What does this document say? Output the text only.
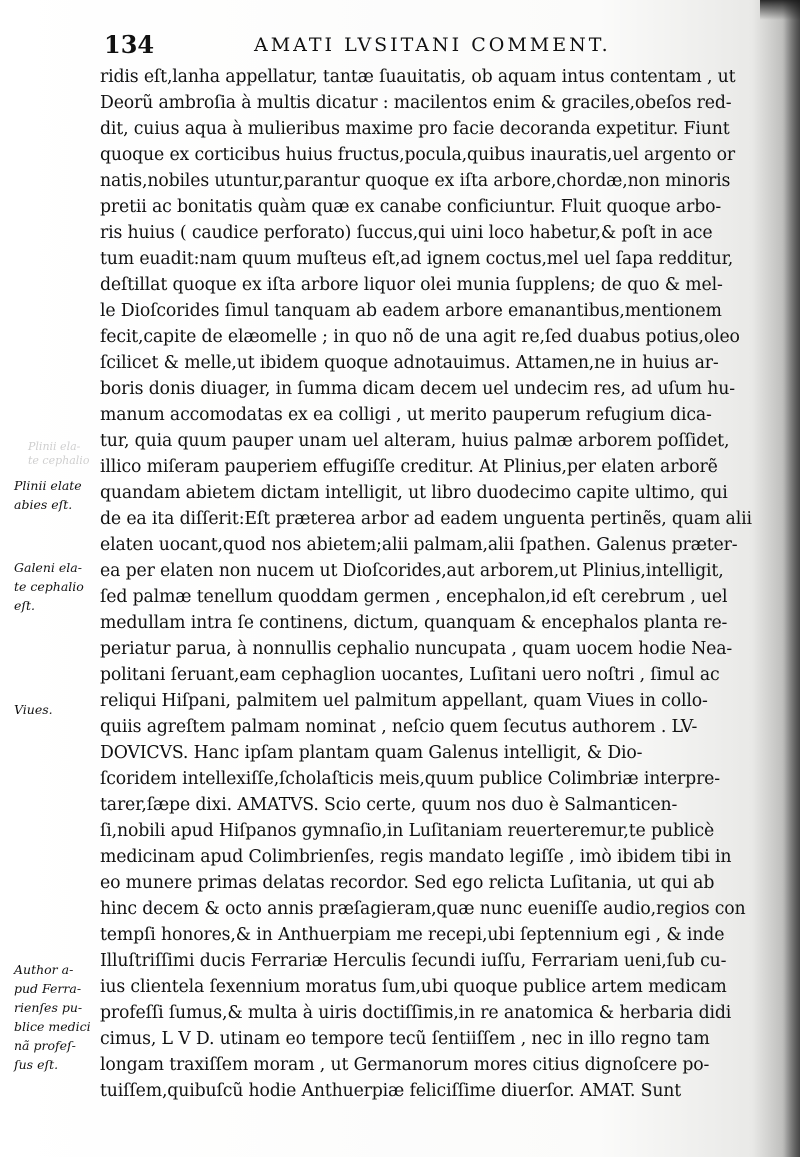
134	AMATI LVSITANI COMMENT.
Plinii ela-
te cephalio
Plinii elate
abies eſt.
Galeni ela-
te cephalio
eſt.
Viues.
Author a-
pud Ferra-
rienſes pu-
blice medici
nã profeſ-
ſus eſt.
ridis eſt,lanha appellatur, tantæ ſuauitatis, ob aquam intus contentam , ut
Deorũ ambroſia à multis dicatur : macilentos enim & graciles,obeſos red-
dit, cuius aqua à mulieribus maxime pro facie decoranda expetitur. Fiunt
quoque ex corticibus huius fructus,pocula,quibus inauratis,uel argento or
natis,nobiles utuntur,parantur quoque ex iſta arbore,chordæ,non minoris
pretii ac bonitatis quàm quæ ex canabe conficiuntur. Fluit quoque arbo-
ris huius ( caudice perforato) ſuccus,qui uini loco habetur,& poſt in ace
tum euadit:nam quum muſteus eſt,ad ignem coctus,mel uel ſapa redditur,
deſtillat quoque ex iſta arbore liquor olei munia ſupplens; de quo & mel-
le Dioſcorides ſimul tanquam ab eadem arbore emanantibus,mentionem
fecit,capite de elæomelle ; in quo nõ de una agit re,ſed duabus potius,oleo
ſcilicet & melle,ut ibidem quoque adnotauimus. Attamen,ne in huius ar-
boris donis diuager, in ſumma dicam decem uel undecim res, ad uſum hu-
manum accomodatas ex ea colligi , ut merito pauperum refugium dica-
tur, quia quum pauper unam uel alteram, huius palmæ arborem poſſidet,
illico miſeram pauperiem effugiſſe creditur. At Plinius,per elaten arborẽ
quandam abietem dictam intelligit, ut libro duodecimo capite ultimo, qui
de ea ita diſſerit:Eſt præterea arbor ad eadem unguenta pertinẽs, quam alii
elaten uocant,quod nos abietem;alii palmam,alii ſpathen. Galenus præter-
ea per elaten non nucem ut Dioſcorides,aut arborem,ut Plinius,intelligit,
ſed palmæ tenellum quoddam germen , encephalon,id eſt cerebrum , uel
medullam intra ſe continens, dictum, quanquam & encephalos planta re-
periatur parua, à nonnullis cephalio nuncupata , quam uocem hodie Nea-
politani ſeruant,eam cephaglion uocantes, Luſitani uero noſtri , ſimul ac
reliqui Hiſpani, palmitem uel palmitum appellant, quam Viues in collo-
quiis agreſtem palmam nominat , neſcio quem ſecutus authorem . LV-
DOVICVS. Hanc ipſam plantam quam Galenus intelligit, & Dio-
ſcoridem intellexiſſe,ſcholaſticis meis,quum publice Colimbriæ interpre-
tarer,ſæpe dixi. AMATVS. Scio certe, quum nos duo è Salmanticen-
ſi,nobili apud Hiſpanos gymnaſio,in Luſitaniam reuerteremur,te publicè
medicinam apud Colimbrienſes, regis mandato legiſſe , imò ibidem tibi in
eo munere primas delatas recordor. Sed ego relicta Luſitania, ut qui ab
hinc decem & octo annis præſagieram,quæ nunc eueniſſe audio,regios con
tempſi honores,& in Anthuerpiam me recepi,ubi ſeptennium egi , & inde
Illuſtriſſimi ducis Ferrariæ Herculis ſecundi iuſſu, Ferrariam ueni,ſub cu-
ius clientela ſexennium moratus ſum,ubi quoque publice artem medicam
profeſſi ſumus,& multa à uiris doctiſſimis,in re anatomica & herbaria didi
cimus, L V D. utinam eo tempore tecũ ſentiiſſem , nec in illo regno tam
longam traxiſſem moram , ut Germanorum mores citius dignoſcere po-
tuiſſem,quibuſcũ hodie Anthuerpiæ feliciſſime diuerſor. AMAT. Sunt
